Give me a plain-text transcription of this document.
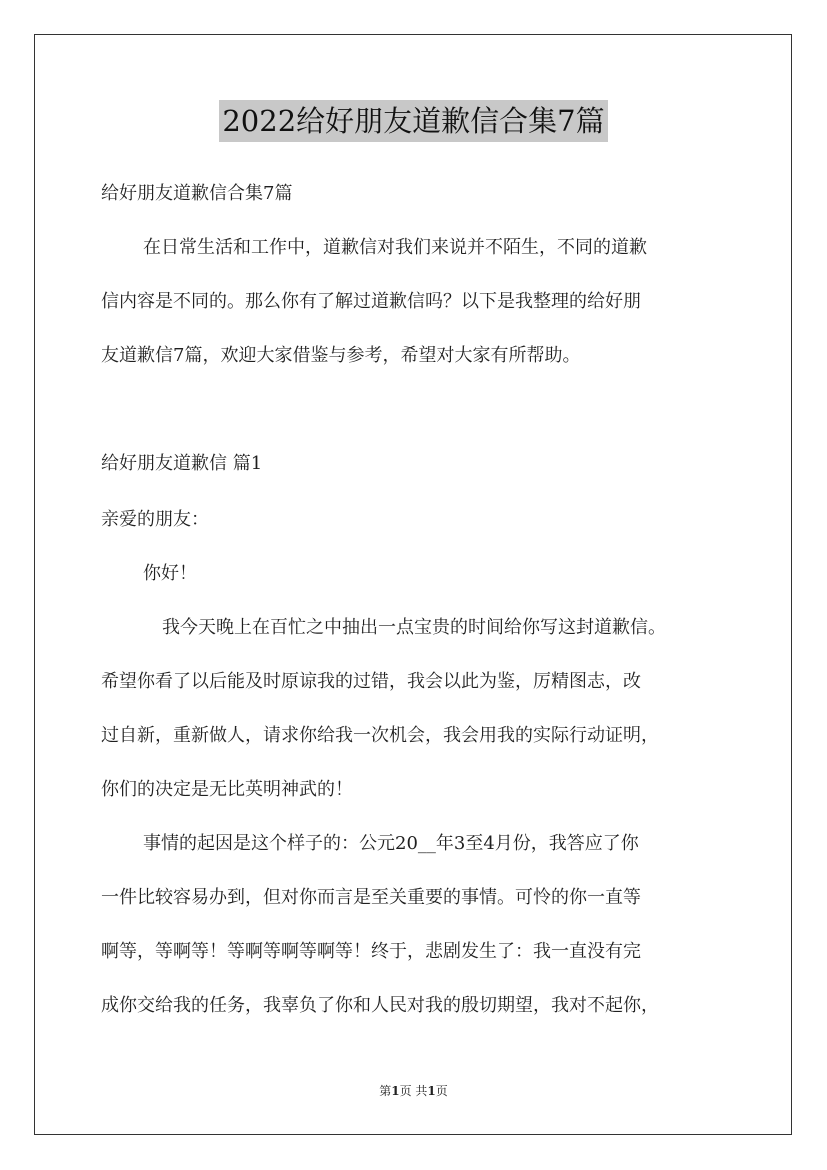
2022给好朋友道歉信合集7篇
给好朋友道歉信合集7篇
在日常生活和工作中，道歉信对我们来说并不陌生，不同的道歉
信内容是不同的。那么你有了解过道歉信吗？以下是我整理的给好朋
友道歉信7篇，欢迎大家借鉴与参考，希望对大家有所帮助。
给好朋友道歉信 篇1
亲爱的朋友：
你好！
我今天晚上在百忙之中抽出一点宝贵的时间给你写这封道歉信。
希望你看了以后能及时原谅我的过错，我会以此为鉴，厉精图志，改
过自新，重新做人，请求你给我一次机会，我会用我的实际行动证明，
你们的决定是无比英明神武的！
事情的起因是这个样子的：公元20__年3至4月份，我答应了你
一件比较容易办到，但对你而言是至关重要的事情。可怜的你一直等
啊等，等啊等！等啊等啊等啊等！终于，悲剧发生了：我一直没有完
成你交给我的任务，我辜负了你和人民对我的殷切期望，我对不起你，
第1页 共1页
